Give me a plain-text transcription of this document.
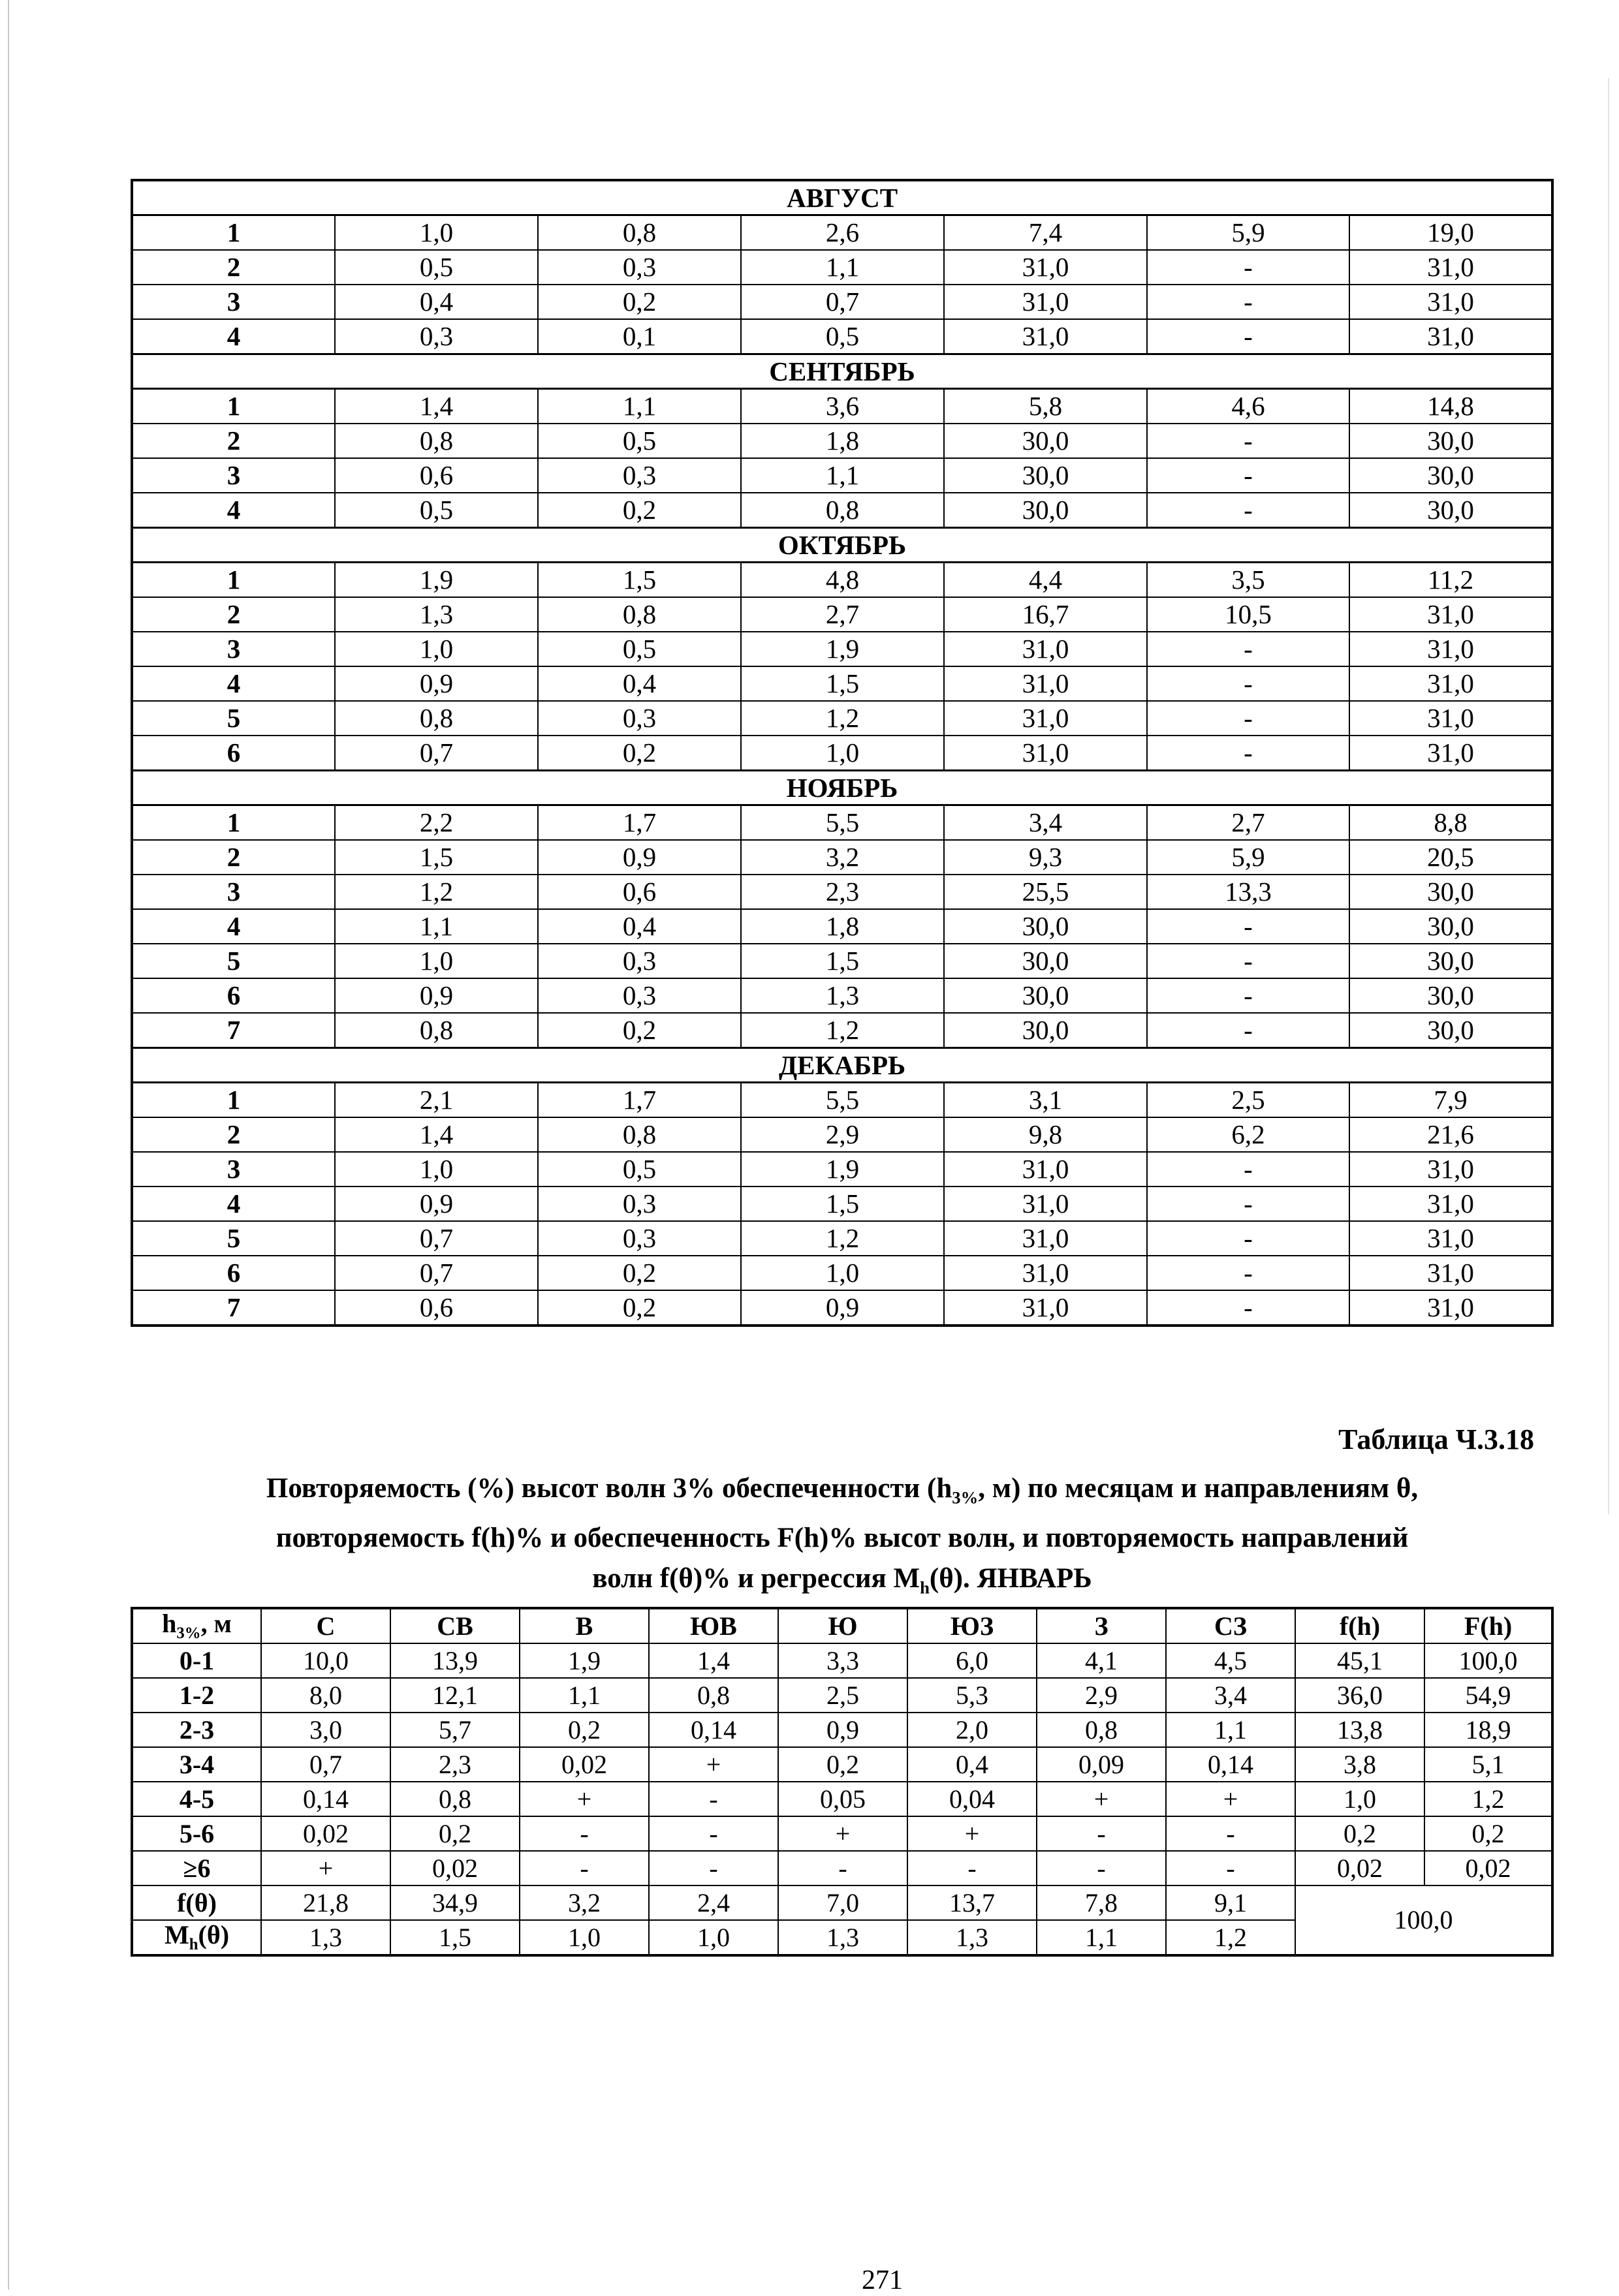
АВГУСТ						
1	1,0	0,8	2,6	7,4	5,9	19,0
2	0,5	0,3	1,1	31,0	-	31,0
3	0,4	0,2	0,7	31,0	-	31,0
4	0,3	0,1	0,5	31,0	-	31,0
СЕНТЯБРЬ						
1	1,4	1,1	3,6	5,8	4,6	14,8
2	0,8	0,5	1,8	30,0	-	30,0
3	0,6	0,3	1,1	30,0	-	30,0
4	0,5	0,2	0,8	30,0	-	30,0
ОКТЯБРЬ						
1	1,9	1,5	4,8	4,4	3,5	11,2
2	1,3	0,8	2,7	16,7	10,5	31,0
3	1,0	0,5	1,9	31,0	-	31,0
4	0,9	0,4	1,5	31,0	-	31,0
5	0,8	0,3	1,2	31,0	-	31,0
6	0,7	0,2	1,0	31,0	-	31,0
НОЯБРЬ						
1	2,2	1,7	5,5	3,4	2,7	8,8
2	1,5	0,9	3,2	9,3	5,9	20,5
3	1,2	0,6	2,3	25,5	13,3	30,0
4	1,1	0,4	1,8	30,0	-	30,0
5	1,0	0,3	1,5	30,0	-	30,0
6	0,9	0,3	1,3	30,0	-	30,0
7	0,8	0,2	1,2	30,0	-	30,0
ДЕКАБРЬ						
1	2,1	1,7	5,5	3,1	2,5	7,9
2	1,4	0,8	2,9	9,8	6,2	21,6
3	1,0	0,5	1,9	31,0	-	31,0
4	0,9	0,3	1,5	31,0	-	31,0
5	0,7	0,3	1,2	31,0	-	31,0
6	0,7	0,2	1,0	31,0	-	31,0
7	0,6	0,2	0,9	31,0	-	31,0
Таблица Ч.3.18
Повторяемость (%) высот волн 3% обеспеченности ($h_{3\%}$, м) по месяцам и направлениям θ,
повторяемость f(h)% и обеспеченность F(h)% высот волн, и повторяемость направлений
волн f(θ)% и регрессия $M_h(\theta)$. ЯНВАРЬ
$h_{3\%}$, м	С	СВ	В	ЮВ	Ю	ЮЗ	З	СЗ	f(h)	F(h)
0-1	10,0	13,9	1,9	1,4	3,3	6,0	4,1	4,5	45,1	100,0
1-2	8,0	12,1	1,1	0,8	2,5	5,3	2,9	3,4	36,0	54,9
2-3	3,0	5,7	0,2	0,14	0,9	2,0	0,8	1,1	13,8	18,9
3-4	0,7	2,3	0,02	+	0,2	0,4	0,09	0,14	3,8	5,1
4-5	0,14	0,8	+	-	0,05	0,04	+	+	1,0	1,2
5-6	0,02	0,2	-	-	+	+	-	-	0,2	0,2
≥6	+	0,02	-	-	-	-	-	-	0,02	0,02
f(θ)	21,8	34,9	3,2	2,4	7,0	13,7	7,8	9,1	100,0	
$M_h(\theta)$	1,3	1,5	1,0	1,0	1,3	1,3	1,1	1,2		
271
